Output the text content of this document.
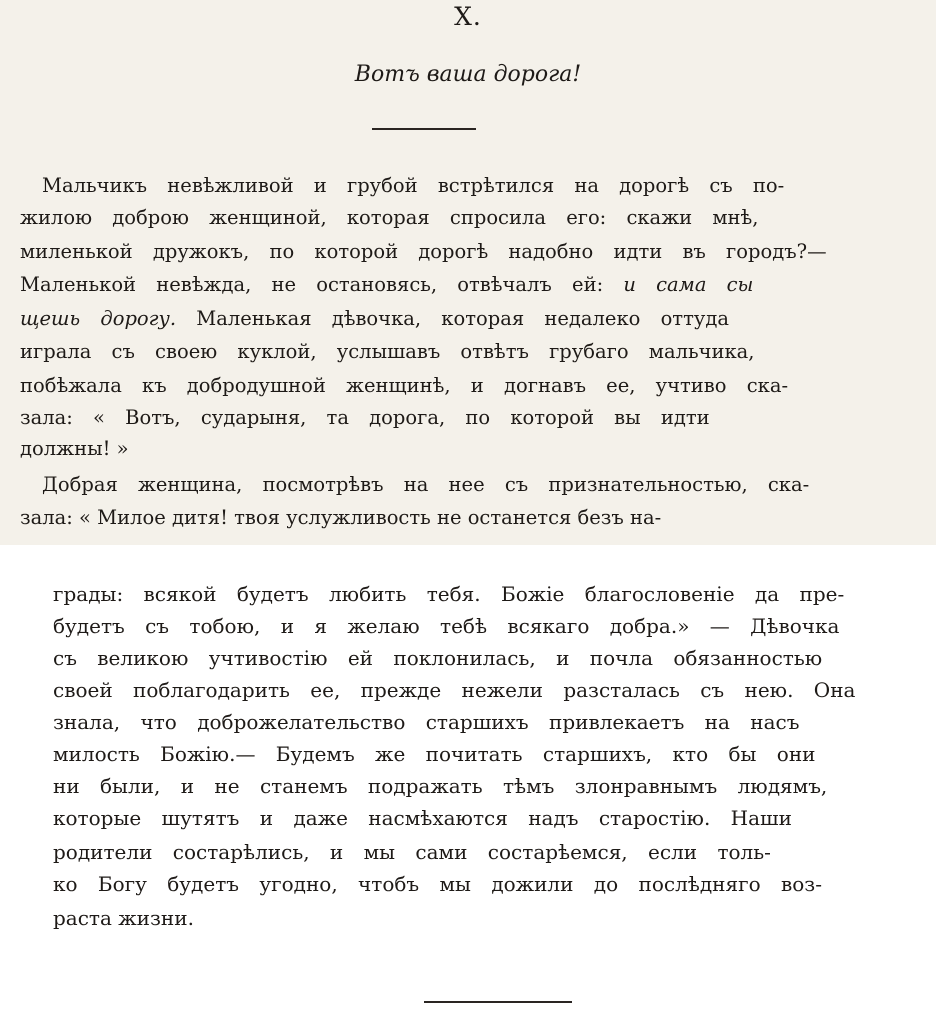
X.
Вотъ ваша дорога!
Мальчикъ невѣжливой и грубой встрѣтился на дорогѣ съ по-
жилою доброю женщиной, которая спросила его: скажи мнѣ,
миленькой дружокъ, по которой дорогѣ надобно идти въ городъ?—
Маленькой невѣжда, не остановясь, отвѣчалъ ей: и сама сы
щешь дорогу. Маленькая дѣвочка, которая недалеко оттуда
играла съ своею куклой, услышавъ отвѣтъ грубаго мальчика,
побѣжала къ добродушной женщинѣ, и догнавъ ее, учтиво ска-
зала: « Вотъ, сударыня, та дорога, по которой вы идти
должны! »
Добрая женщина, посмотрѣвъ на нее съ признательностью, ска-
зала: « Милое дитя! твоя услужливость не останется безъ на-
грады: всякой будетъ любить тебя. Божіе благословеніе да пре-
будетъ съ тобою, и я желаю тебѣ всякаго добра.» — Дѣвочка
съ великою учтивостію ей поклонилась, и почла обязанностью
своей поблагодарить ее, прежде нежели разсталась съ нею. Она
знала, что доброжелательство старшихъ привлекаетъ на насъ
милость Божію.— Будемъ же почитать старшихъ, кто бы они
ни были, и не станемъ подражать тѣмъ злонравнымъ людямъ,
которые шутятъ и даже насмѣхаются надъ старостію. Наши
родители состарѣлись, и мы сами состарѣемся, если толь-
ко Богу будетъ угодно, чтобъ мы дожили до послѣдняго воз-
раста жизни.
